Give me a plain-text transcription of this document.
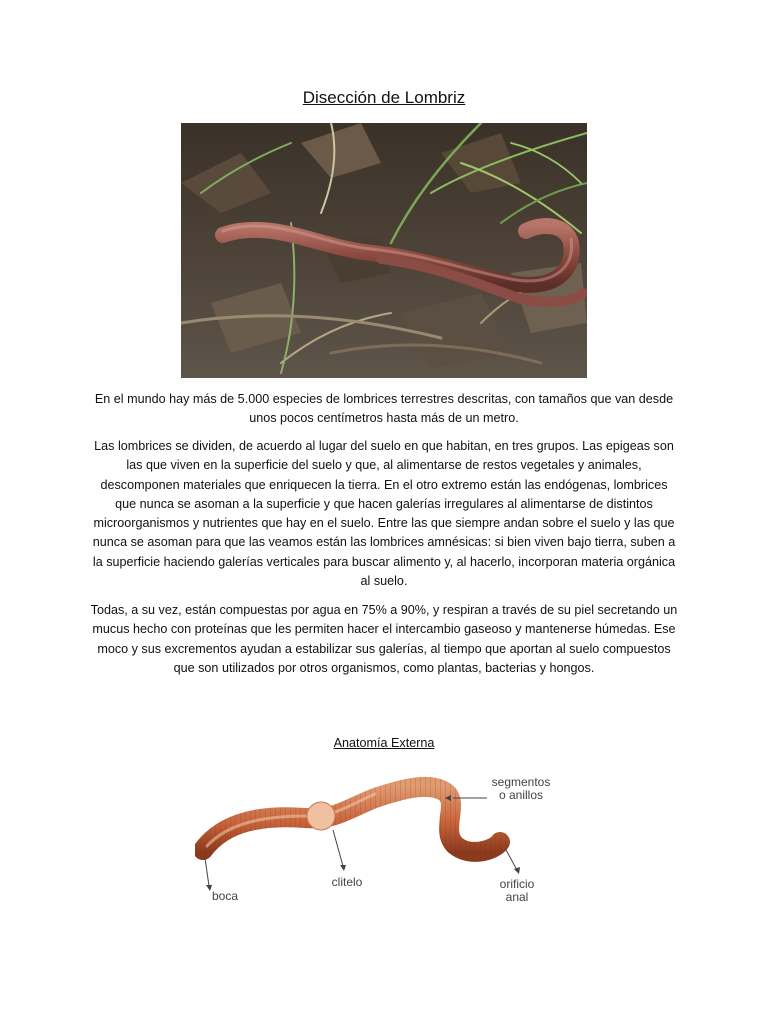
Disección de Lombriz
En el mundo hay más de 5.000 especies de lombrices terrestres descritas, con tamaños que van desde unos pocos centímetros hasta más de un metro.
Las lombrices se dividen, de acuerdo al lugar del suelo en que habitan, en tres grupos. Las epigeas son las que viven en la superficie del suelo y que, al alimentarse de restos vegetales y animales, descomponen materiales que enriquecen la tierra. En el otro extremo están las endógenas, lombrices que nunca se asoman a la superficie y que hacen galerías irregulares al alimentarse de distintos microorganismos y nutrientes que hay en el suelo. Entre las que siempre andan sobre el suelo y las que nunca se asoman para que las veamos están las lombrices amnésicas: si bien viven bajo tierra, suben a la superficie haciendo galerías verticales para buscar alimento y, al hacerlo, incorporan materia orgánica al suelo.
Todas, a su vez, están compuestas por agua en 75% a 90%, y respiran a través de su piel secretando un mucus hecho con proteínas que les permiten hacer el intercambio gaseoso y mantenerse húmedas. Ese moco y sus excrementos ayudan a estabilizar sus galerías, al tiempo que aportan al suelo compuestos que son utilizados por otros organismos, como plantas, bacterias y hongos.
Anatomía Externa
segmentos
o anillos
clitelo
boca
orificio
anal
